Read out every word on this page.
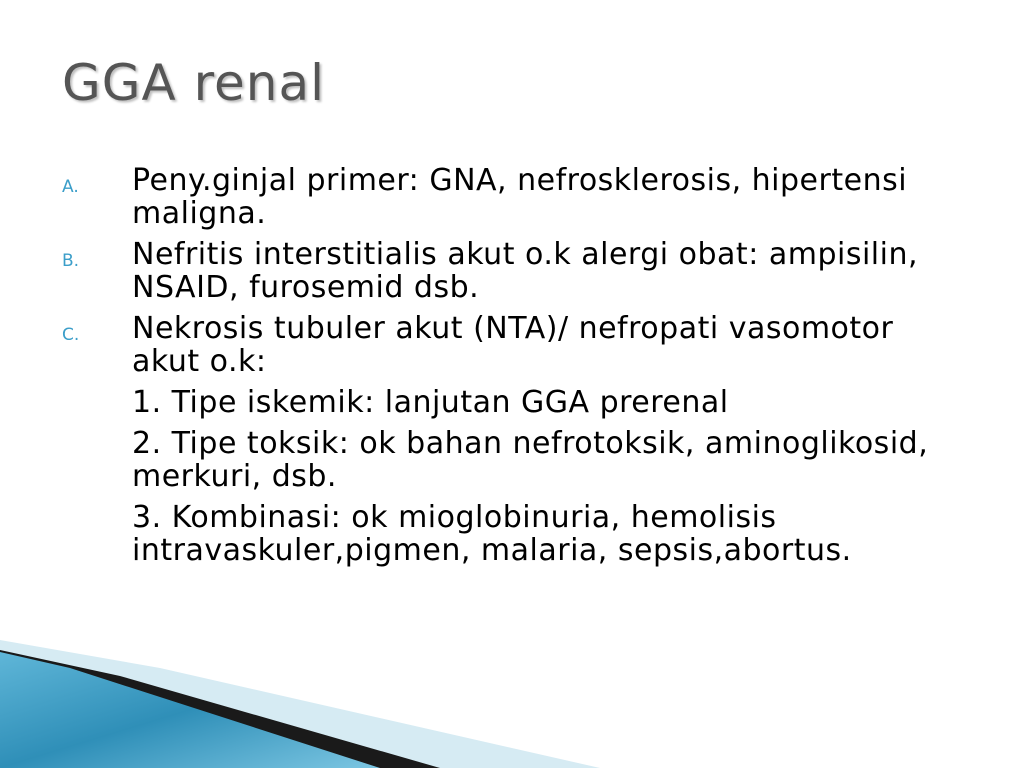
GGA renal
A.	Peny.ginjal primer: GNA, nefrosklerosis, hipertensi maligna.
B.	Nefritis interstitialis akut o.k alergi obat: ampisilin, NSAID, furosemid dsb.
C.	Nekrosis tubuler akut (NTA)/ nefropati vasomotor akut o.k:
1. Tipe iskemik: lanjutan GGA prerenal
2. Tipe toksik: ok bahan nefrotoksik, aminoglikosid, merkuri, dsb.
3. Kombinasi: ok mioglobinuria, hemolisis intravaskuler,pigmen, malaria, sepsis,abortus.
